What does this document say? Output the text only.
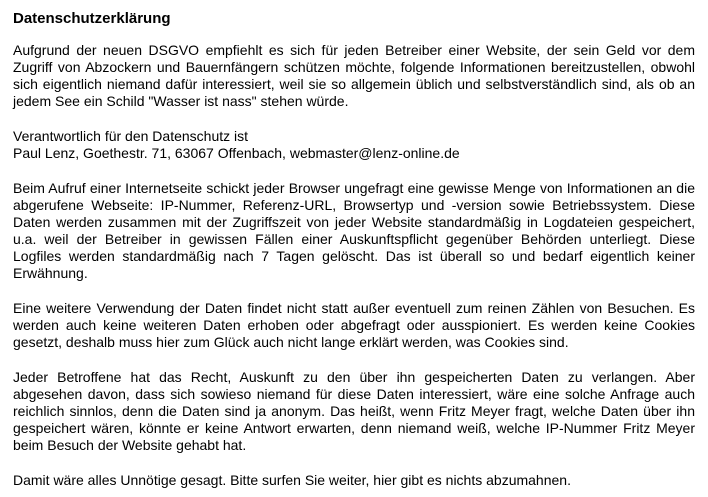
Datenschutzerklärung

Aufgrund der neuen DSGVO empfiehlt es sich für jeden Betreiber einer Website, der sein Geld vor dem Zugriff von Abzockern und Bauernfängern schützen möchte, folgende Informationen bereitzustellen, obwohl sich eigentlich niemand dafür interessiert, weil sie so allgemein üblich und selbstverständlich sind, als ob an jedem See ein Schild "Wasser ist nass" stehen würde.

Verantwortlich für den Datenschutz ist
Paul Lenz, Goethestr. 71, 63067 Offenbach, webmaster@lenz-online.de

Beim Aufruf einer Internetseite schickt jeder Browser ungefragt eine gewisse Menge von Informationen an die abgerufene Webseite: IP-Nummer, Referenz-URL, Browsertyp und -version sowie Betriebssystem. Diese Daten werden zusammen mit der Zugriffszeit von jeder Website standardmäßig in Logdateien gespeichert, u.a. weil der Betreiber in gewissen Fällen einer Auskunftspflicht gegenüber Behörden unterliegt. Diese Logfiles werden standardmäßig nach 7 Tagen gelöscht. Das ist überall so und bedarf eigentlich keiner Erwähnung.

Eine weitere Verwendung der Daten findet nicht statt außer eventuell zum reinen Zählen von Besuchen. Es werden auch keine weiteren Daten erhoben oder abgefragt oder ausspioniert. Es werden keine Cookies gesetzt, deshalb muss hier zum Glück auch nicht lange erklärt werden, was Cookies sind.

Jeder Betroffene hat das Recht, Auskunft zu den über ihn gespeicherten Daten zu verlangen. Aber abgesehen davon, dass sich sowieso niemand für diese Daten interessiert, wäre eine solche Anfrage auch reichlich sinnlos, denn die Daten sind ja anonym. Das heißt, wenn Fritz Meyer fragt, welche Daten über ihn gespeichert wären, könnte er keine Antwort erwarten, denn niemand weiß, welche IP-Nummer Fritz Meyer beim Besuch der Website gehabt hat.

Damit wäre alles Unnötige gesagt. Bitte surfen Sie weiter, hier gibt es nichts abzumahnen.
